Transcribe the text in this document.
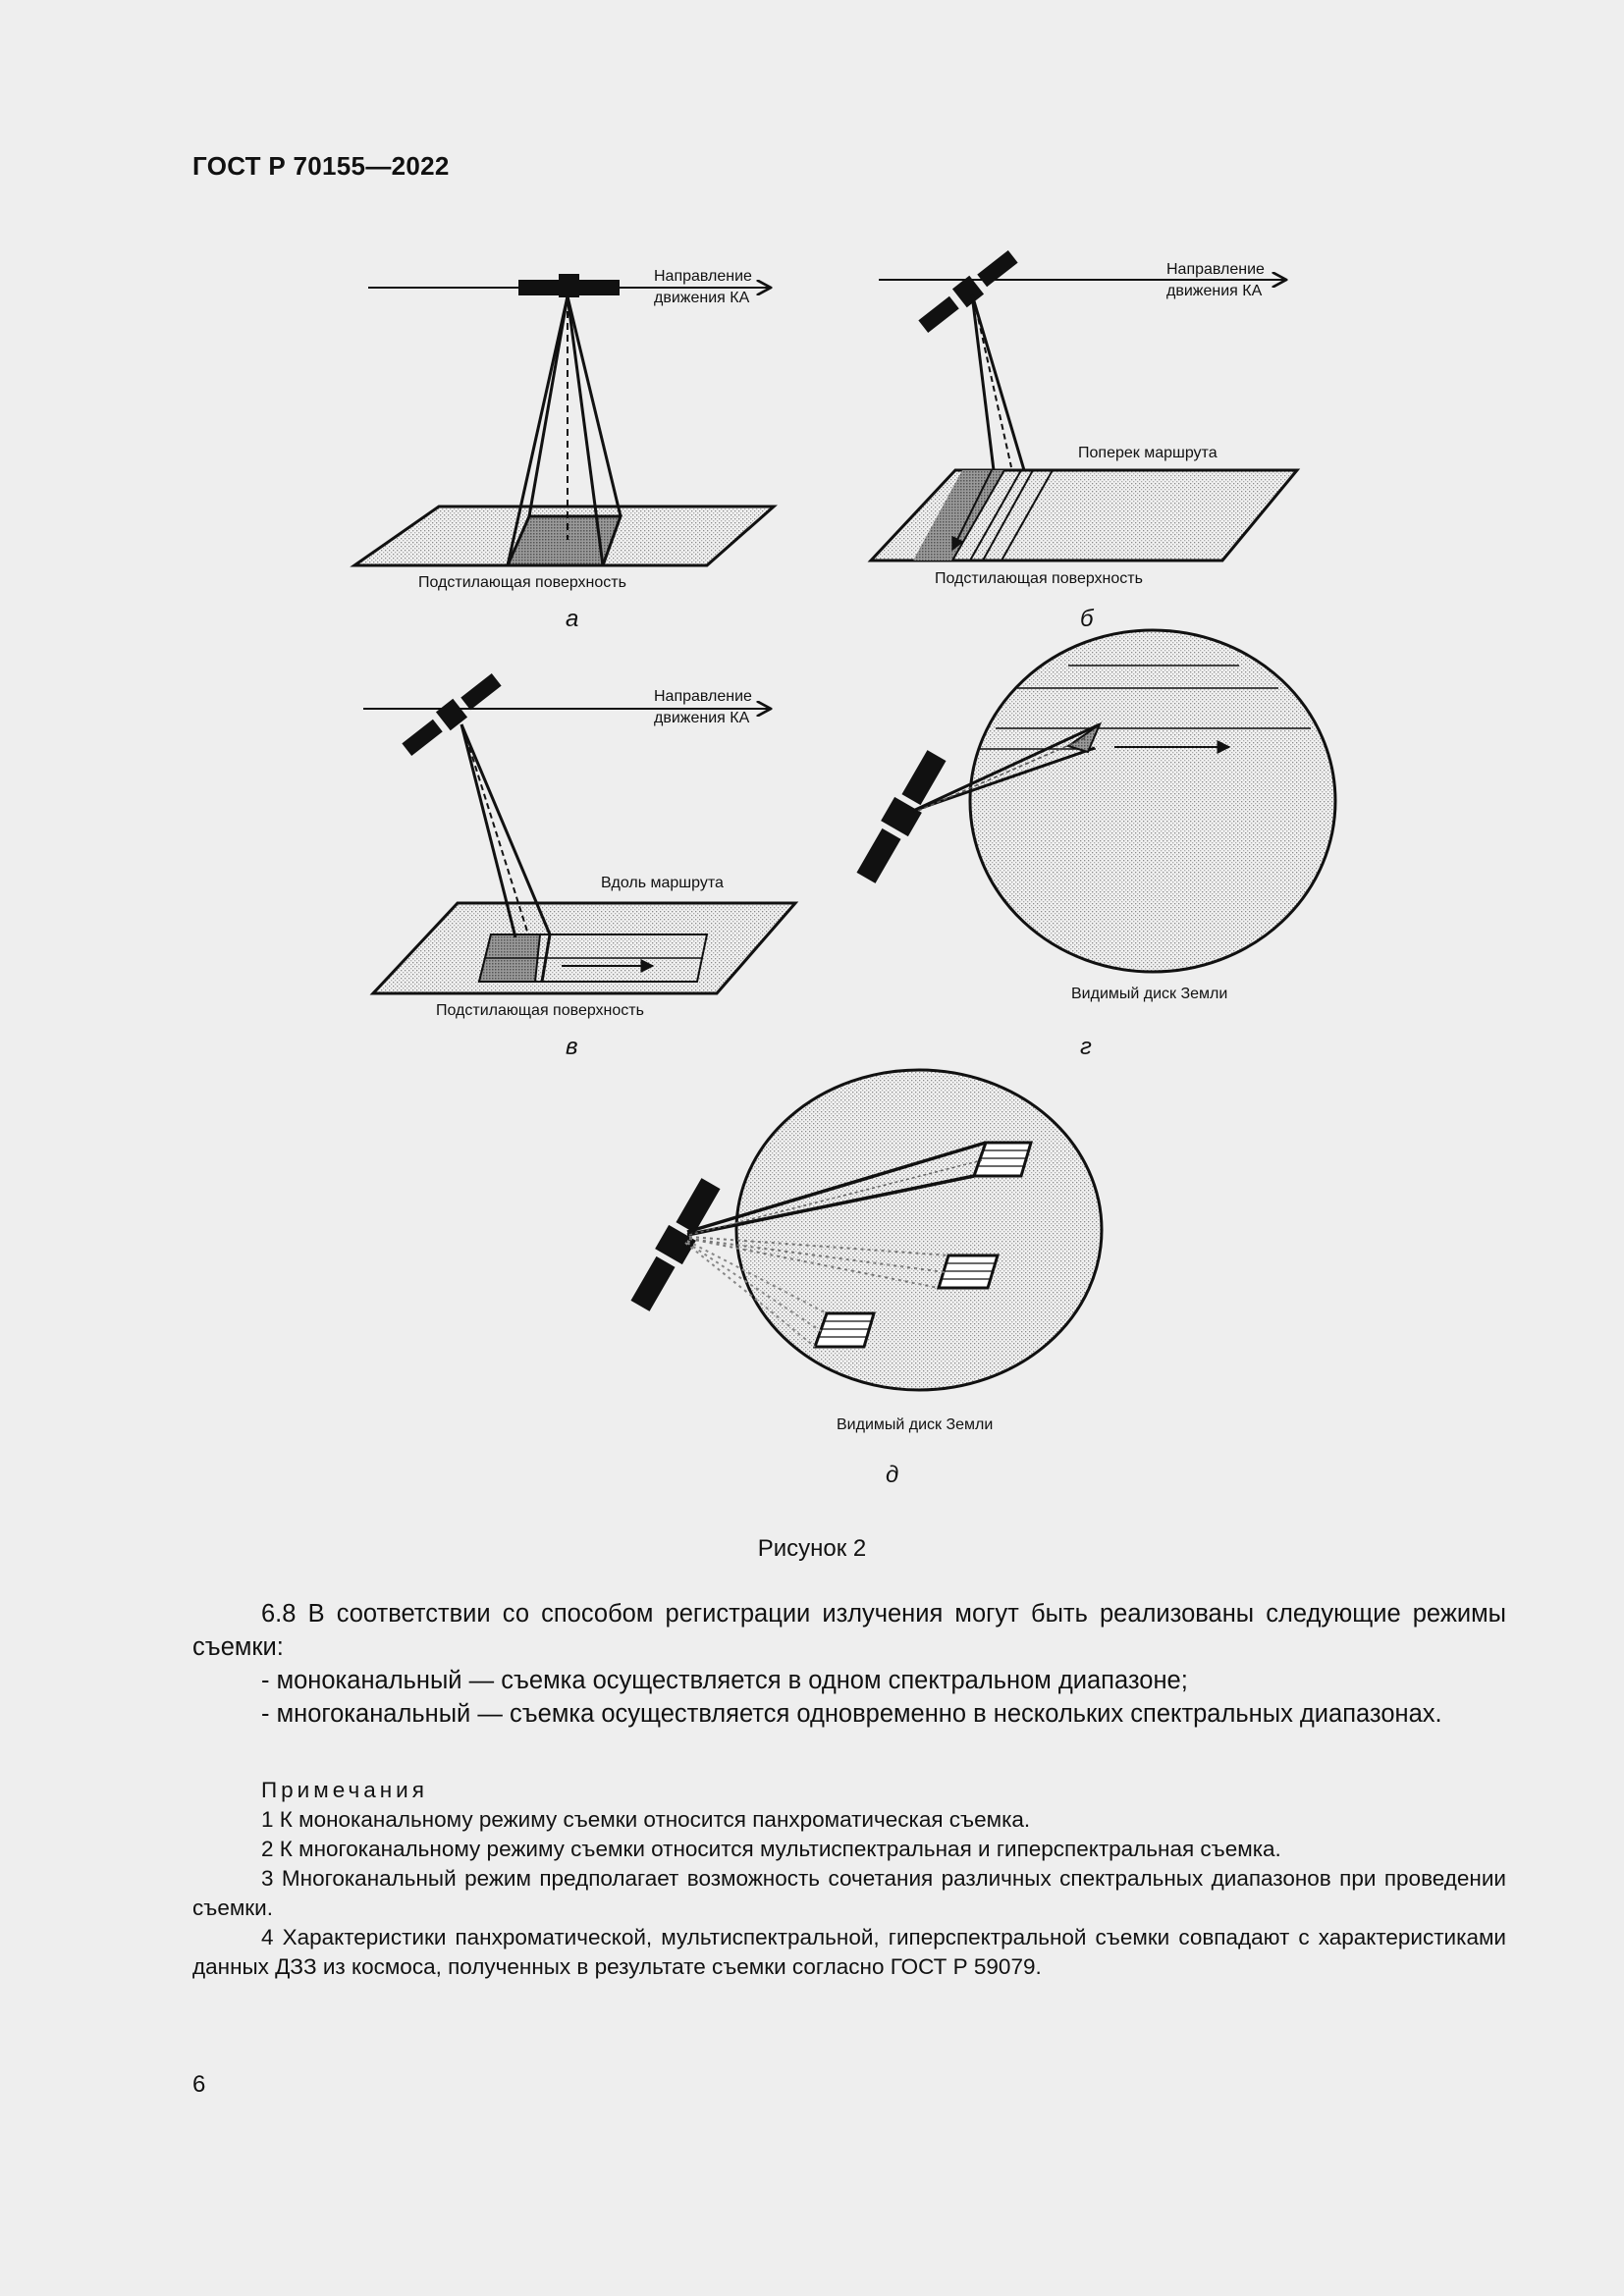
ГОСТ Р 70155—2022
Направление
движения КА
Подстилающая поверхность
а
Направление
движения КА
Поперек маршрута
Подстилающая поверхность
б
Направление
движения КА
Вдоль маршрута
Подстилающая поверхность
в
Видимый диск Земли
г
Видимый диск Земли
д
Рисунок 2

6.8 В соответствии со способом регистрации излучения могут быть реализованы следующие режимы съемки:

- моноканальный — съемка осуществляется в одном спектральном диапазоне;

- многоканальный — съемка осуществляется одновременно в нескольких спектральных диапазонах.

Примечания

1 К моноканальному режиму съемки относится панхроматическая съемка.

2 К многоканальному режиму съемки относится мультиспектральная и гиперспектральная съемка.

3 Многоканальный режим предполагает возможность сочетания различных спектральных диапазонов при проведении съемки.

4 Характеристики панхроматической, мультиспектральной, гиперспектральной съемки совпадают с характеристиками данных ДЗЗ из космоса, полученных в результате съемки согласно ГОСТ Р 59079.

6
